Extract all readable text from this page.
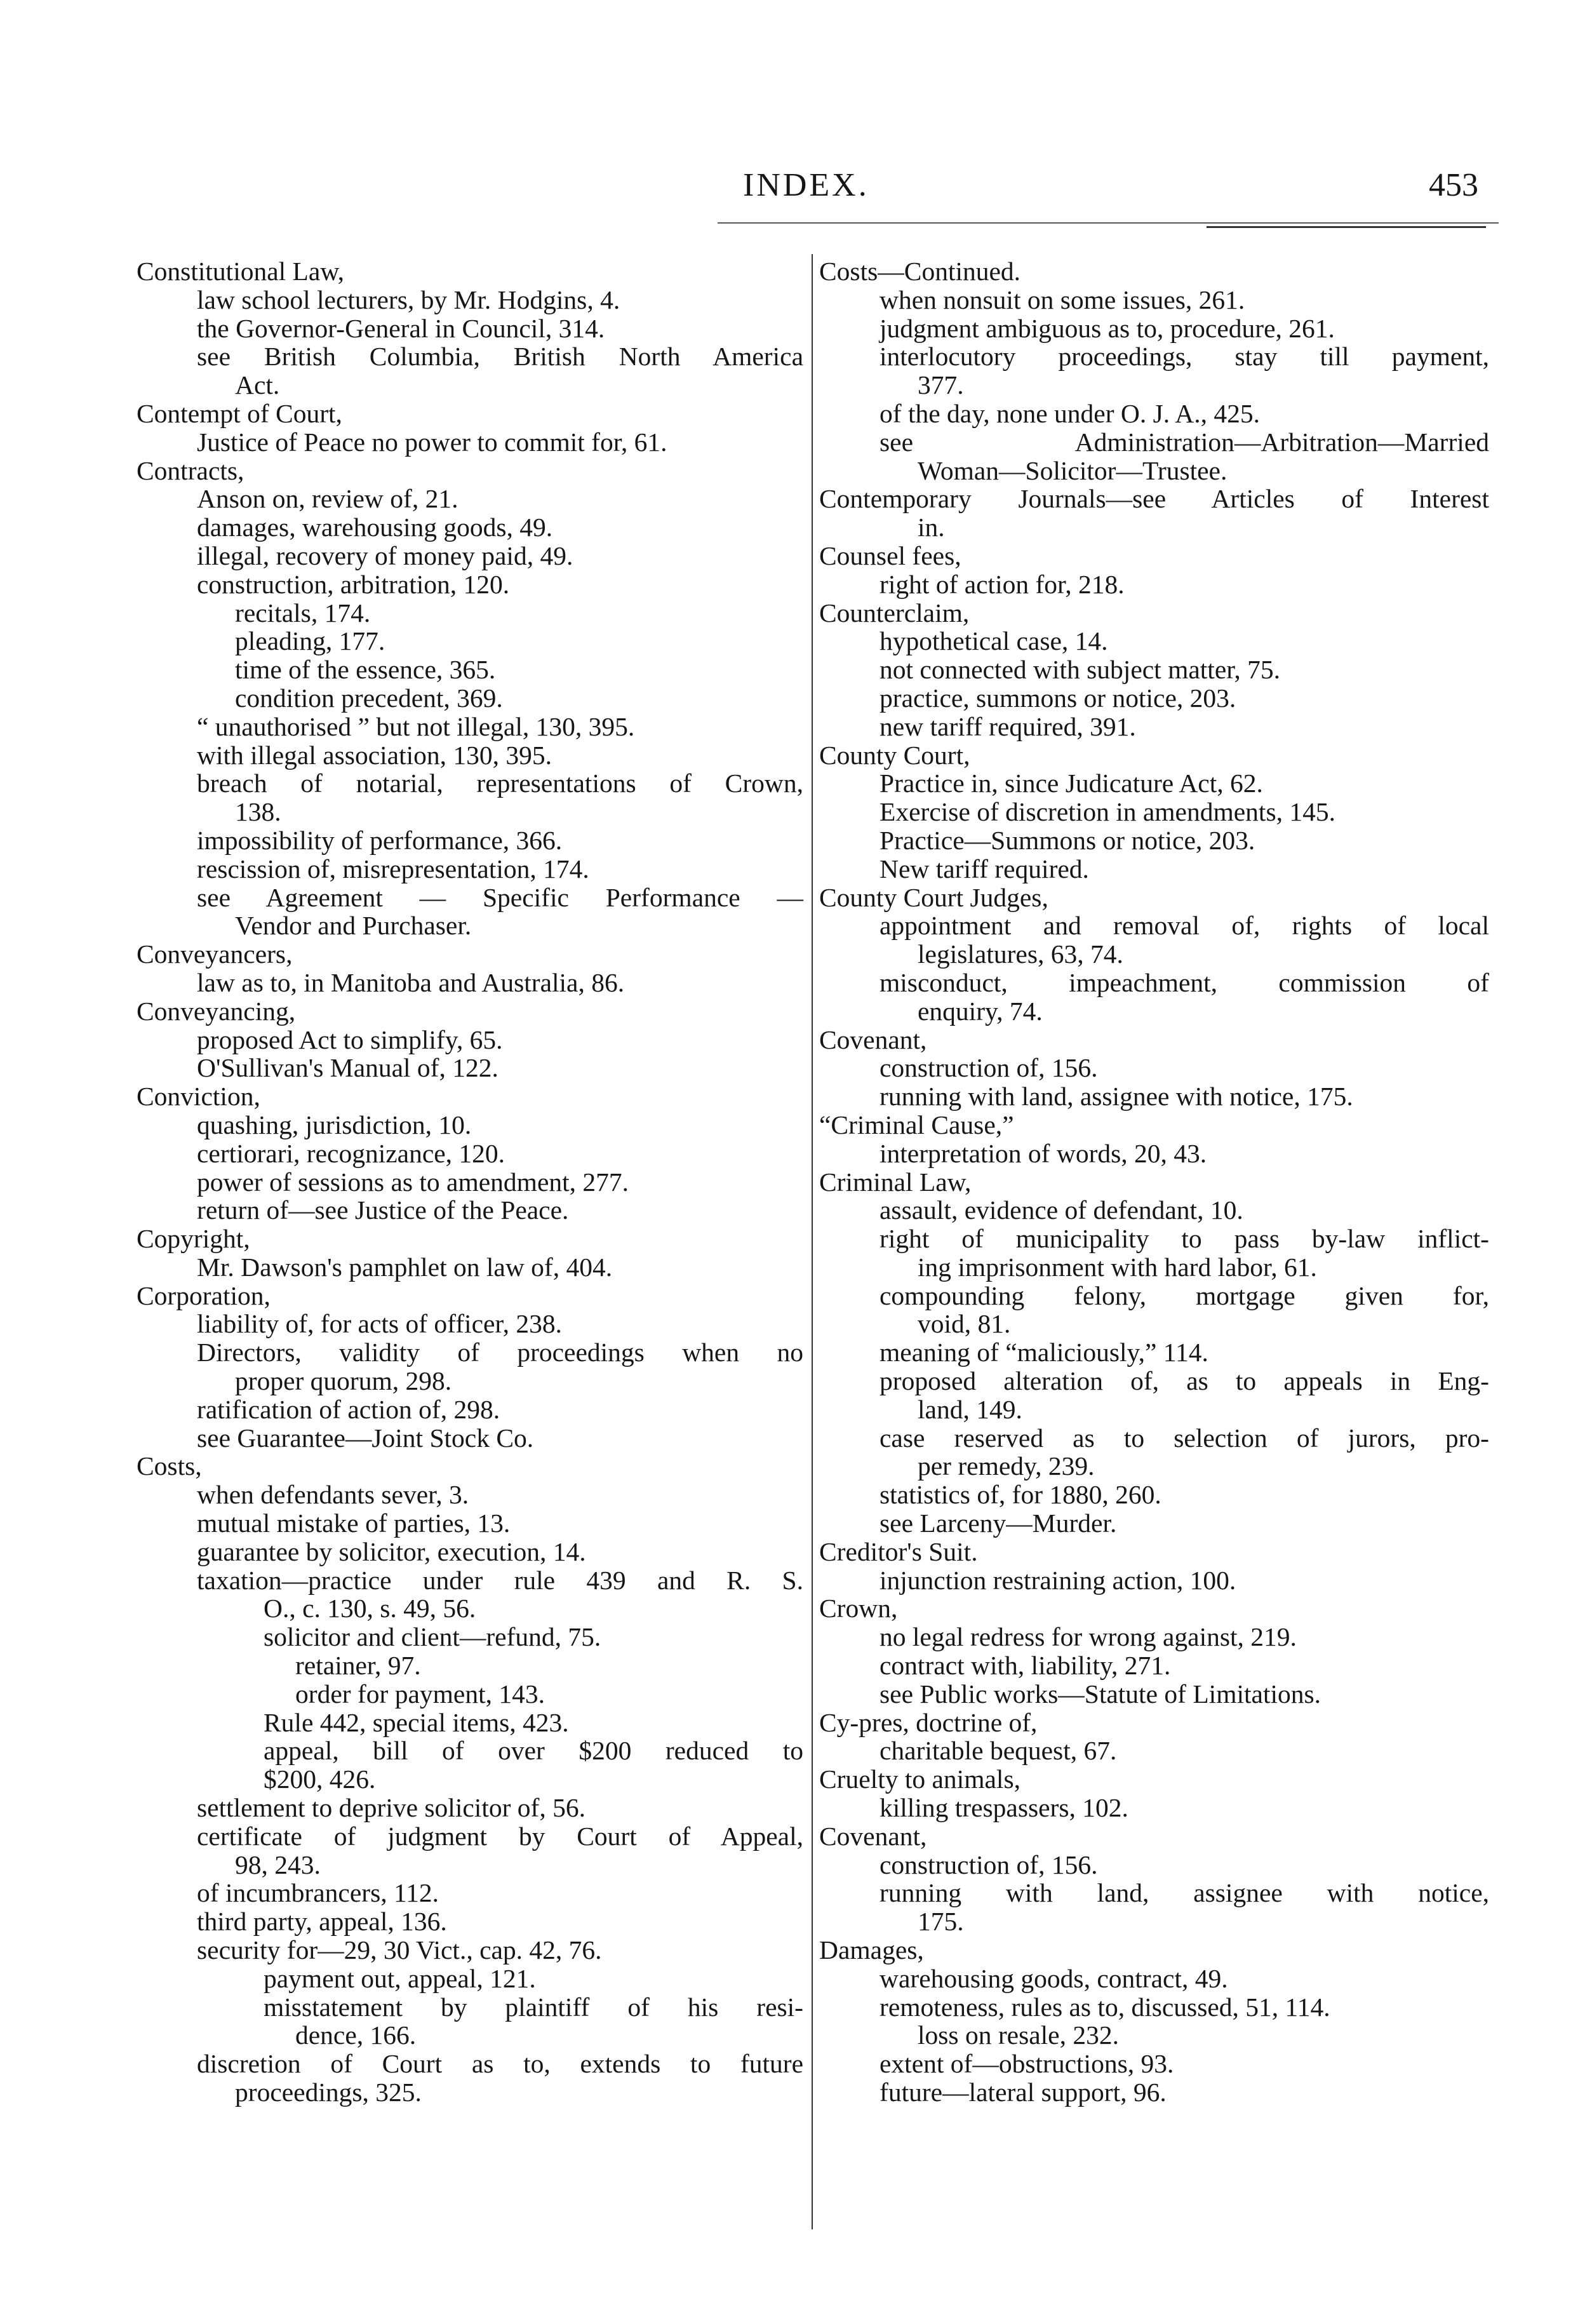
INDEX.	453
Constitutional Law,
law school lecturers, by Mr. Hodgins, 4.
the Governor-General in Council, 314.
see British Columbia, British North America
Act.
Contempt of Court,
Justice of Peace no power to commit for, 61.
Contracts,
Anson on, review of, 21.
damages, warehousing goods, 49.
illegal, recovery of money paid, 49.
construction, arbitration, 120.
recitals, 174.
pleading, 177.
time of the essence, 365.
condition precedent, 369.
“ unauthorised ” but not illegal, 130, 395.
with illegal association, 130, 395.
breach of notarial, representations of Crown,
138.
impossibility of performance, 366.
rescission of, misrepresentation, 174.
see Agreement — Specific Performance —
Vendor and Purchaser.
Conveyancers,
law as to, in Manitoba and Australia, 86.
Conveyancing,
proposed Act to simplify, 65.
O'Sullivan's Manual of, 122.
Conviction,
quashing, jurisdiction, 10.
certiorari, recognizance, 120.
power of sessions as to amendment, 277.
return of—see Justice of the Peace.
Copyright,
Mr. Dawson's pamphlet on law of, 404.
Corporation,
liability of, for acts of officer, 238.
Directors, validity of proceedings when no
proper quorum, 298.
ratification of action of, 298.
see Guarantee—Joint Stock Co.
Costs,
when defendants sever, 3.
mutual mistake of parties, 13.
guarantee by solicitor, execution, 14.
taxation—practice under rule 439 and R. S.
O., c. 130, s. 49, 56.
solicitor and client—refund, 75.
retainer, 97.
order for payment, 143.
Rule 442, special items, 423.
appeal, bill of over $200 reduced to
$200, 426.
settlement to deprive solicitor of, 56.
certificate of judgment by Court of Appeal,
98, 243.
of incumbrancers, 112.
third party, appeal, 136.
security for—29, 30 Vict., cap. 42, 76.
payment out, appeal, 121.
misstatement by plaintiff of his resi-
dence, 166.
discretion of Court as to, extends to future
proceedings, 325.
Costs—Continued.
when nonsuit on some issues, 261.
judgment ambiguous as to, procedure, 261.
interlocutory proceedings, stay till payment,
377.
of the day, none under O. J. A., 425.
see Administration—Arbitration—Married
Woman—Solicitor—Trustee.
Contemporary Journals—see Articles of Interest
in.
Counsel fees,
right of action for, 218.
Counterclaim,
hypothetical case, 14.
not connected with subject matter, 75.
practice, summons or notice, 203.
new tariff required, 391.
County Court,
Practice in, since Judicature Act, 62.
Exercise of discretion in amendments, 145.
Practice—Summons or notice, 203.
New tariff required.
County Court Judges,
appointment and removal of, rights of local
legislatures, 63, 74.
misconduct, impeachment, commission of
enquiry, 74.
Covenant,
construction of, 156.
running with land, assignee with notice, 175.
“Criminal Cause,”
interpretation of words, 20, 43.
Criminal Law,
assault, evidence of defendant, 10.
right of municipality to pass by-law inflict-
ing imprisonment with hard labor, 61.
compounding felony, mortgage given for,
void, 81.
meaning of “maliciously,” 114.
proposed alteration of, as to appeals in Eng-
land, 149.
case reserved as to selection of jurors, pro-
per remedy, 239.
statistics of, for 1880, 260.
see Larceny—Murder.
Creditor's Suit.
injunction restraining action, 100.
Crown,
no legal redress for wrong against, 219.
contract with, liability, 271.
see Public works—Statute of Limitations.
Cy-pres, doctrine of,
charitable bequest, 67.
Cruelty to animals,
killing trespassers, 102.
Covenant,
construction of, 156.
running with land, assignee with notice,
175.
Damages,
warehousing goods, contract, 49.
remoteness, rules as to, discussed, 51, 114.
loss on resale, 232.
extent of—obstructions, 93.
future—lateral support, 96.
